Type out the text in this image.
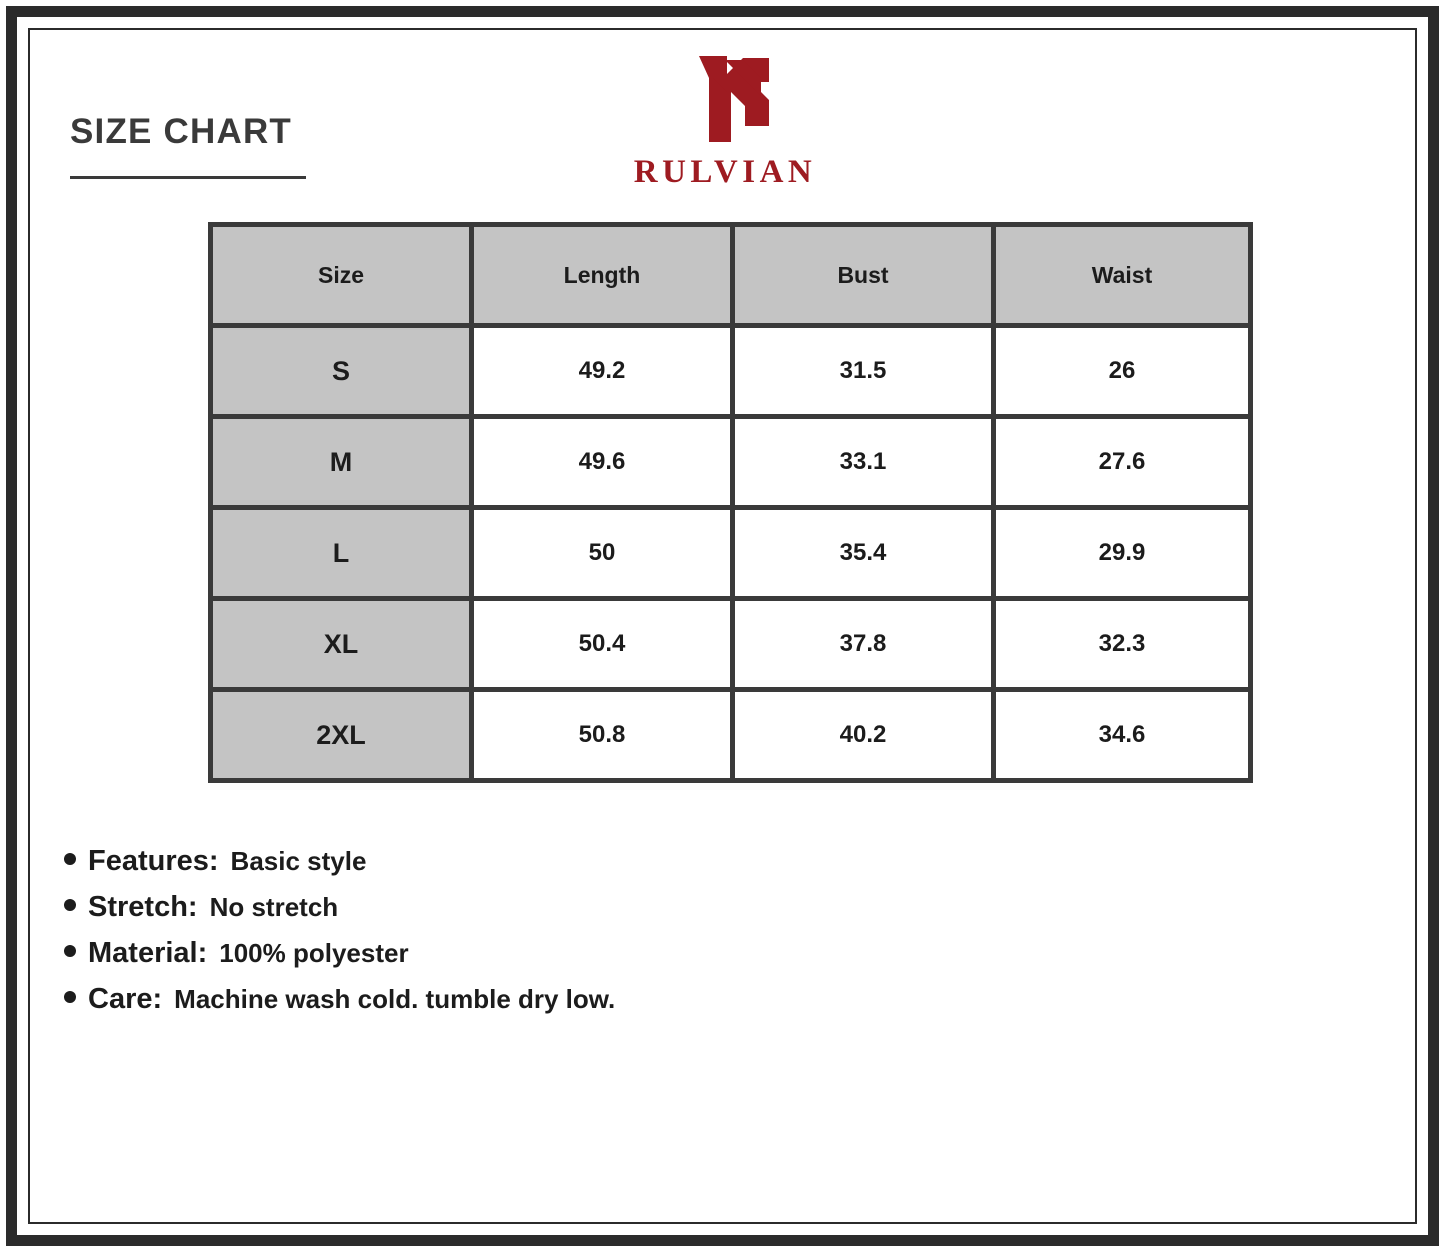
SIZE CHART
RULVIAN
Size	Length	Bust	Waist
S	49.2	31.5	26
M	49.6	33.1	27.6
L	50	35.4	29.9
XL	50.4	37.8	32.3
2XL	50.8	40.2	34.6
Features: Basic style
Stretch: No stretch
Material: 100% polyester
Care: Machine wash cold. tumble dry low.
